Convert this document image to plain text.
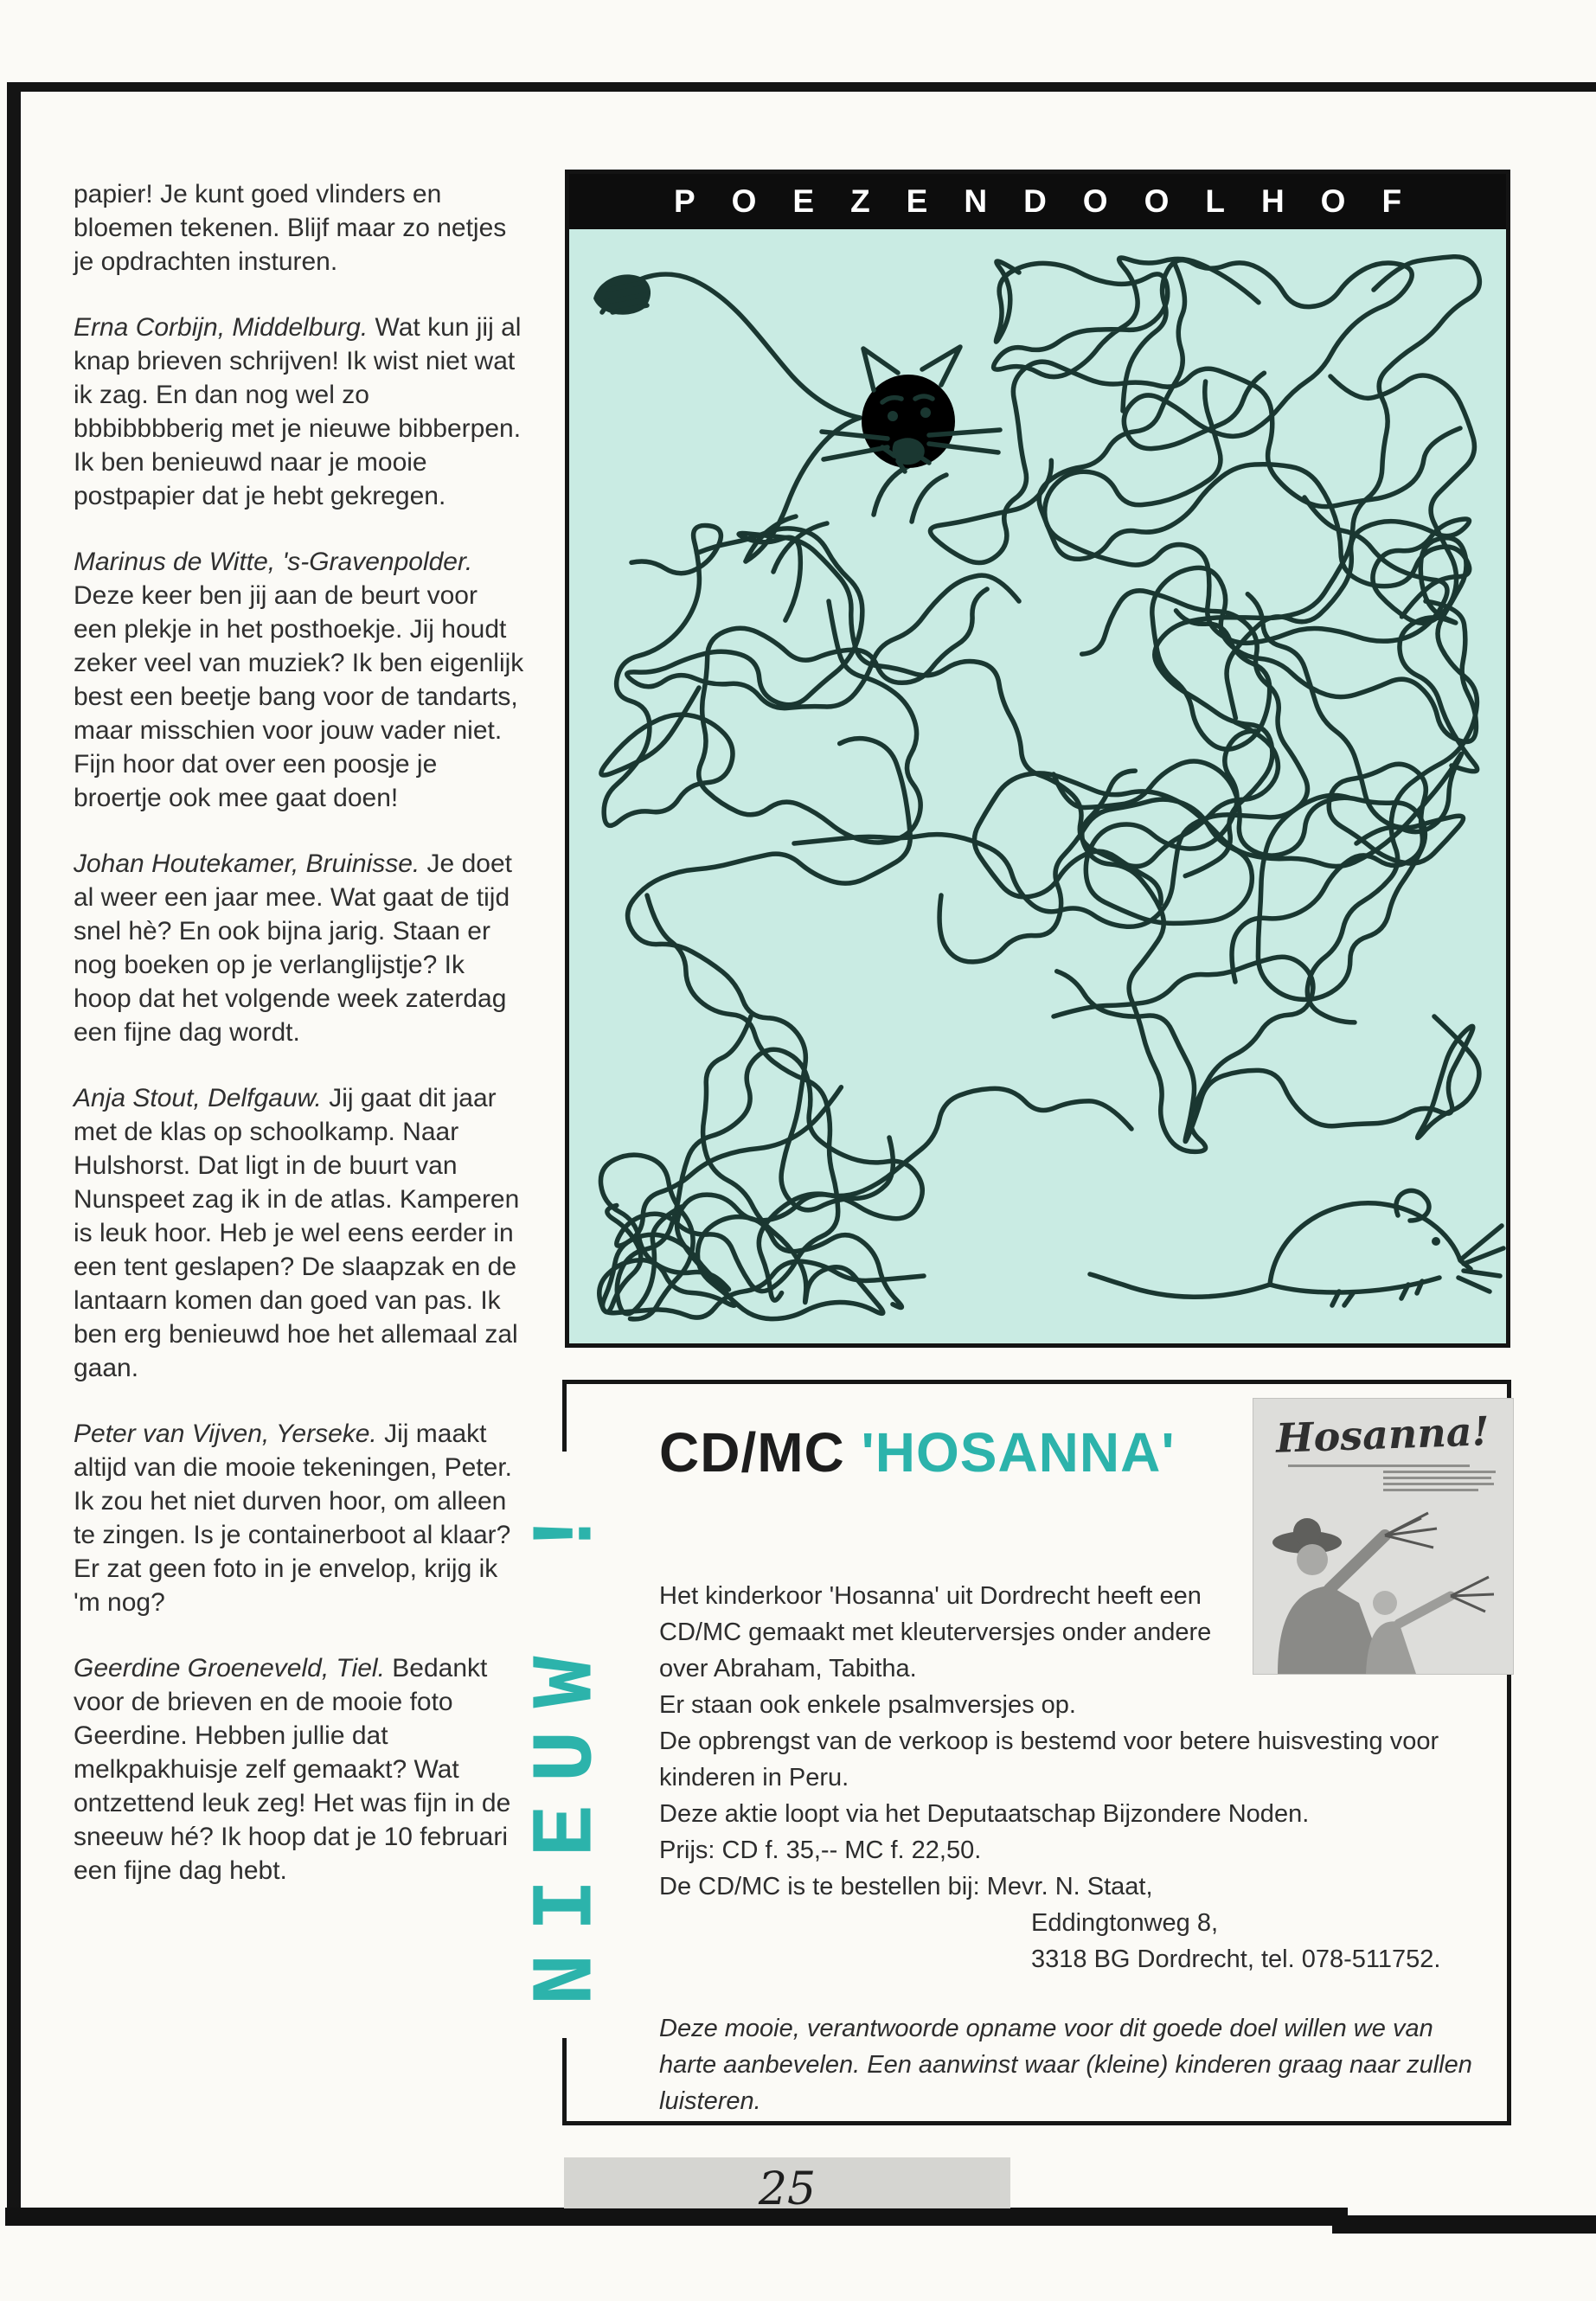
papier! Je kunt goed vlinders en bloemen tekenen. Blijf maar zo netjes je opdrachten insturen.

Erna Corbijn, Middelburg. Wat kun jij al knap brieven schrijven! Ik wist niet wat ik zag. En dan nog wel zo bbbibbbberig met je nieuwe bibberpen. Ik ben benieuwd naar je mooie postpapier dat je hebt gekregen.

Marinus de Witte, 's-Gravenpolder. Deze keer ben jij aan de beurt voor een plekje in het posthoekje. Jij houdt zeker veel van muziek? Ik ben eigenlijk best een beetje bang voor de tandarts, maar misschien voor jouw vader niet. Fijn hoor dat over een poosje je broertje ook mee gaat doen!

Johan Houtekamer, Bruinisse. Je doet al weer een jaar mee. Wat gaat de tijd snel hè? En ook bijna jarig. Staan er nog boeken op je verlanglijstje? Ik hoop dat het volgende week zaterdag een fijne dag wordt.

Anja Stout, Delfgauw. Jij gaat dit jaar met de klas op schoolkamp. Naar Hulshorst. Dat ligt in de buurt van Nunspeet zag ik in de atlas. Kamperen is leuk hoor. Heb je wel eens eerder in een tent geslapen? De slaapzak en de lantaarn komen dan goed van pas. Ik ben erg benieuwd hoe het allemaal zal gaan.

Peter van Vijven, Yerseke. Jij maakt altijd van die mooie tekeningen, Peter. Ik zou het niet durven hoor, om alleen te zingen. Is je containerboot al klaar? Er zat geen foto in je envelop, krijg ik 'm nog?

Geerdine Groeneveld, Tiel. Bedankt voor de brieven en de mooie foto Geerdine. Hebben jullie dat melkpakhuisje zelf gemaakt? Wat ontzettend leuk zeg! Het was fijn in de sneeuw hé? Ik hoop dat je 10 februari een fijne dag hebt.

POEZENDOOLHOF
NIEUW !
CD/MC 'HOSANNA'	Hosanna!
Het kinderkoor 'Hosanna' uit Dordrecht heeft een CD/MC gemaakt met kleuterversjes onder andere over Abraham, Tabitha.
Er staan ook enkele psalmversjes op.
De opbrengst van de verkoop is bestemd voor betere huisvesting voor kinderen in Peru.
Deze aktie loopt via het Deputaatschap Bijzondere Noden.
Prijs: CD f. 35,-- MC f. 22,50.
De CD/MC is te bestellen bij: Mevr. N. Staat,
Eddingtonweg 8,
3318 BG Dordrecht, tel. 078-511752.
Deze mooie, verantwoorde opname voor dit goede doel willen we van harte aanbevelen. Een aanwinst waar (kleine) kinderen graag naar zullen luisteren.
25
